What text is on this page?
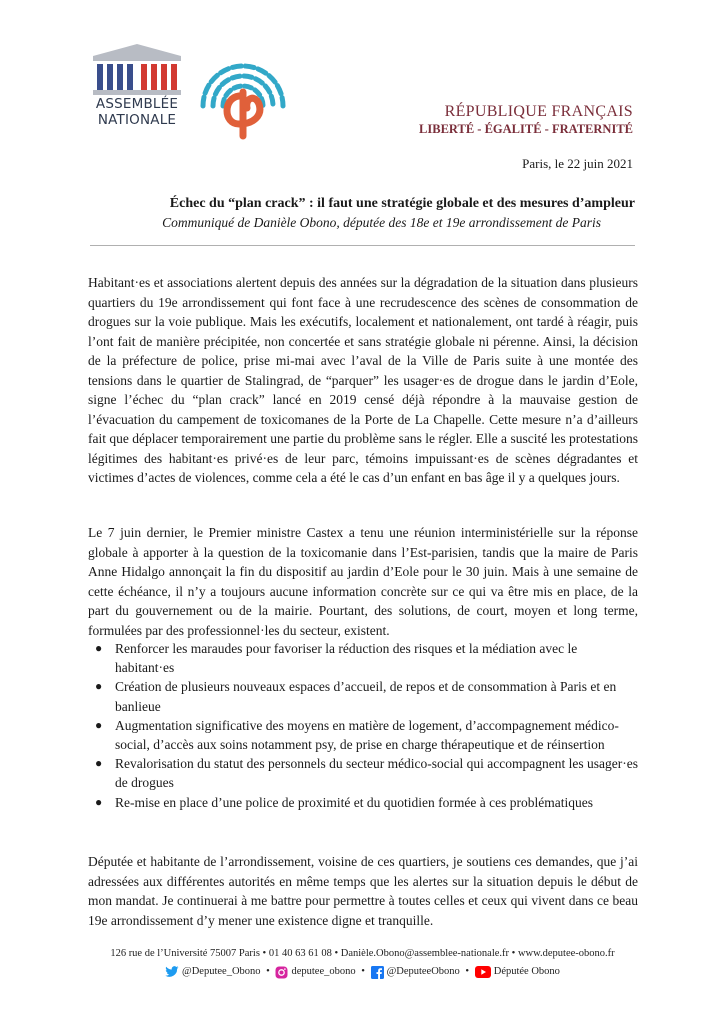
ASSEMBLÉE
NATIONALE	RÉPUBLIQUE FRANÇAIS
LIBERTÉ - ÉGALITÉ - FRATERNITÉ
Paris, le 22 juin 2021
Échec du “plan crack” : il faut une stratégie globale et des mesures d’ampleur
Communiqué de Danièle Obono, députée des 18e et 19e arrondissement de Paris

Habitant·es et associations alertent depuis des années sur la dégradation de la situation dans plusieurs quartiers du 19e arrondissement qui font face à une recrudescence des scènes de consommation de drogues sur la voie publique. Mais les exécutifs, localement et nationalement, ont tardé à réagir, puis l’ont fait de manière précipitée, non concertée et sans stratégie globale ni pérenne. Ainsi, la décision de la préfecture de police, prise mi-mai avec l’aval de la Ville de Paris suite à une montée des tensions dans le quartier de Stalingrad, de “parquer” les usager·es de drogue dans le jardin d’Eole, signe l’échec du “plan crack” lancé en 2019 censé déjà répondre à la mauvaise gestion de l’évacuation du campement de toxicomanes de la Porte de La Chapelle. Cette mesure n’a d’ailleurs fait que déplacer temporairement une partie du problème sans le régler. Elle a suscité les protestations légitimes des habitant·es privé·es de leur parc, témoins impuissant·es de scènes dégradantes et victimes d’actes de violences, comme cela a été le cas d’un enfant en bas âge il y a quelques jours.

Le 7 juin dernier, le Premier ministre Castex a tenu une réunion interministérielle sur la réponse globale à apporter à la question de la toxicomanie dans l’Est-parisien, tandis que la maire de Paris Anne Hidalgo annonçait la fin du dispositif au jardin d’Eole pour le 30 juin. Mais à une semaine de cette échéance, il n’y a toujours aucune information concrète sur ce qui va être mis en place, de la part du gouvernement ou de la mairie. Pourtant, des solutions, de court, moyen et long terme, formulées par des professionnel·les du secteur, existent.

● Renforcer les maraudes pour favoriser la réduction des risques et la médiation avec le habitant·es
● Création de plusieurs nouveaux espaces d’accueil, de repos et de consommation à Paris et en banlieue
● Augmentation significative des moyens en matière de logement, d’accompagnement médico-social, d’accès aux soins notamment psy, de prise en charge thérapeutique et de réinsertion
● Revalorisation du statut des personnels du secteur médico-social qui accompagnent les usager·es de drogues
● Re-mise en place d’une police de proximité et du quotidien formée à ces problématiques

Députée et habitante de l’arrondissement, voisine de ces quartiers, je soutiens ces demandes, que j’ai adressées aux différentes autorités en même temps que les alertes sur la situation depuis le début de mon mandat. Je continuerai à me battre pour permettre à toutes celles et ceux qui vivent dans ce beau 19e arrondissement d’y mener une existence digne et tranquille.

126 rue de l’Université 75007 Paris • 01 40 63 61 08 • Danièle.Obono@assemblee-nationale.fr • www.deputee-obono.fr
@Deputee_Obono • deputee_obono • @DeputeeObono • Députée Obono
